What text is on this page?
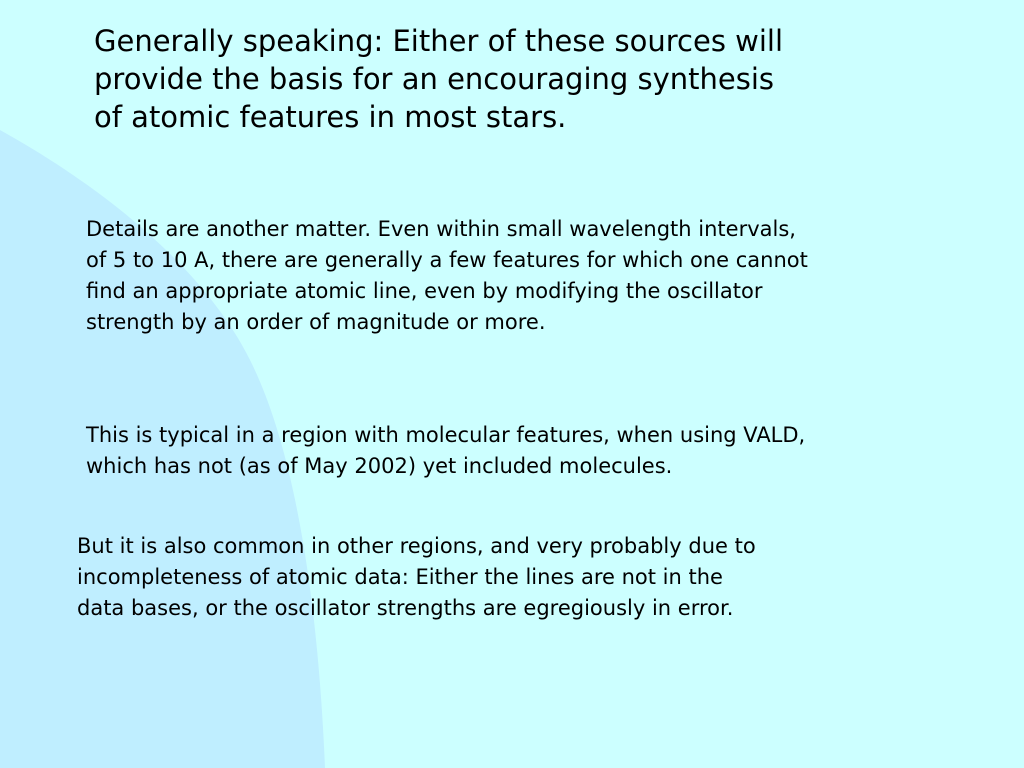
Generally speaking: Either of these sources will
provide the basis for an encouraging synthesis
of atomic features in most stars.
Details are another matter. Even within small wavelength intervals,
of 5 to 10 A, there are generally a few features for which one cannot
find an appropriate atomic line, even by modifying the oscillator
strength by an order of magnitude or more.
This is typical in a region with molecular features, when using VALD,
which has not (as of May 2002) yet included molecules.
But it is also common in other regions, and very probably due to
incompleteness of atomic data: Either the lines are not in the
data bases, or the oscillator strengths are egregiously in error.
